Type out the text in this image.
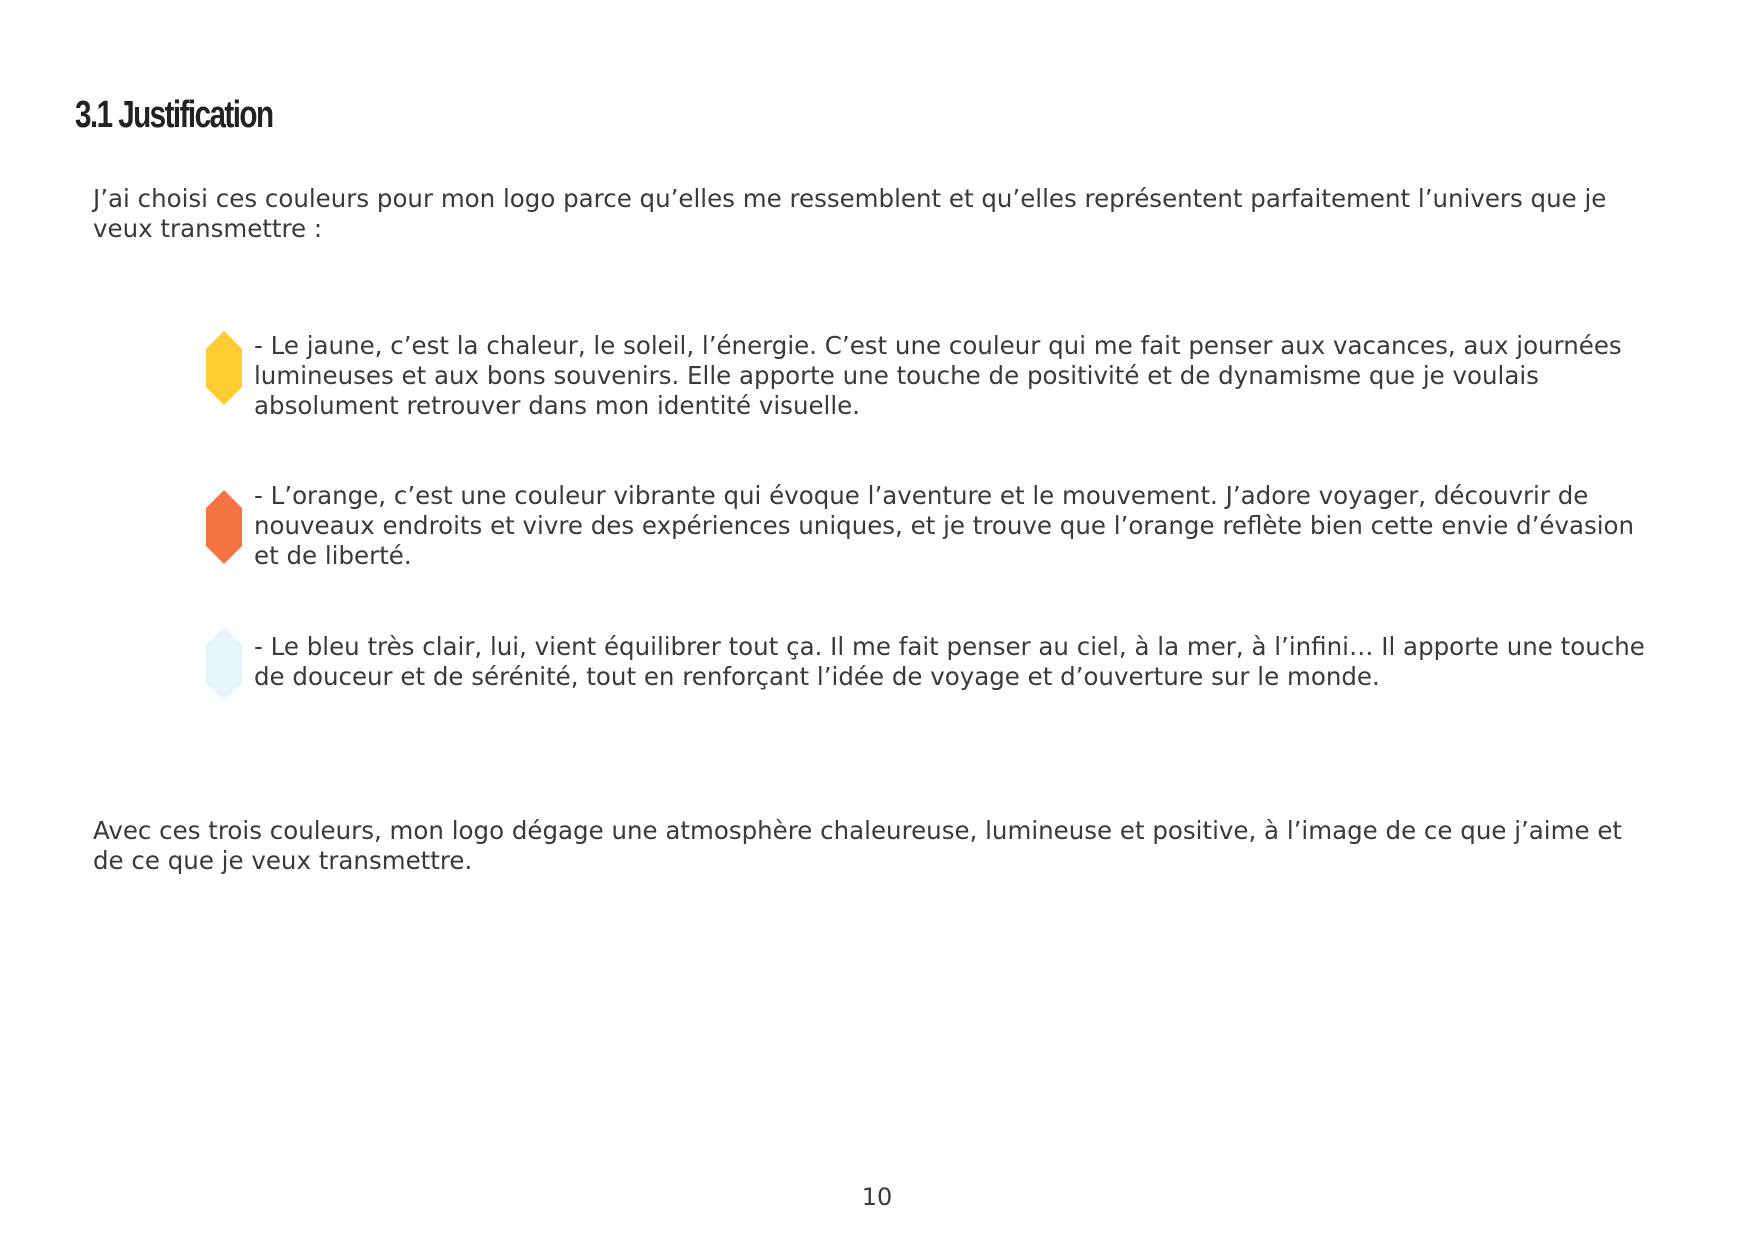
3.1 Justification

J’ai choisi ces couleurs pour mon logo parce qu’elles me ressemblent et qu’elles représentent parfaitement l’univers que je veux transmettre :

- Le jaune, c’est la chaleur, le soleil, l’énergie. C’est une couleur qui me fait penser aux vacances, aux journées
lumineuses et aux bons souvenirs. Elle apporte une touche de positivité et de dynamisme que je voulais
absolument retrouver dans mon identité visuelle.

- L’orange, c’est une couleur vibrante qui évoque l’aventure et le mouvement. J’adore voyager, découvrir de
nouveaux endroits et vivre des expériences uniques, et je trouve que l’orange reflète bien cette envie d’évasion
et de liberté.

- Le bleu très clair, lui, vient équilibrer tout ça. Il me fait penser au ciel, à la mer, à l’infini… Il apporte une touche
de douceur et de sérénité, tout en renforçant l’idée de voyage et d’ouverture sur le monde.

Avec ces trois couleurs, mon logo dégage une atmosphère chaleureuse, lumineuse et positive, à l’image de ce que j’aime et de ce que je veux transmettre.

10
